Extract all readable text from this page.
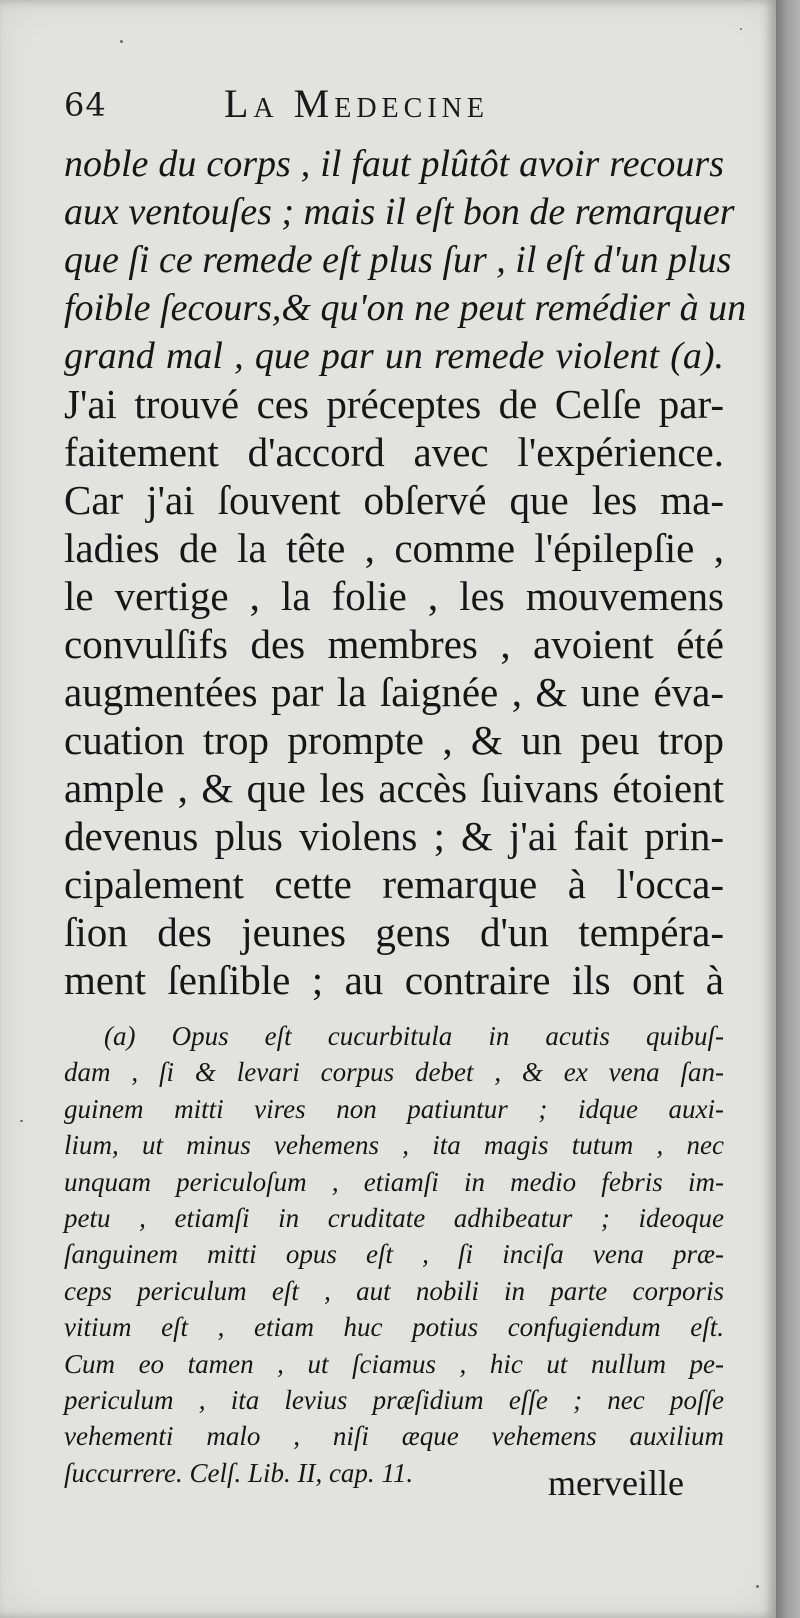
64	La Medecine
noble du corps , il faut plûtôt avoir recours
aux ventouſes ; mais il eſt bon de remarquer
que ſi ce remede eſt plus ſur , il eſt d'un plus
foible ſecours,& qu'on ne peut remédier à un
grand mal , que par un remede violent (a).
J'ai trouvé ces préceptes de Celſe par-
faitement d'accord avec l'expérience.
Car j'ai ſouvent obſervé que les ma-
ladies de la tête , comme l'épilepſie ,
le vertige , la folie , les mouvemens
convulſifs des membres , avoient été
augmentées par la ſaignée , & une éva-
cuation trop prompte , & un peu trop
ample , & que les accès ſuivans étoient
devenus plus violens ; & j'ai fait prin-
cipalement cette remarque à l'occa-
ſion des jeunes gens d'un tempéra-
ment ſenſible ; au contraire ils ont à
(a) Opus eſt cucurbitula in acutis quibuſ-
dam , ſi & levari corpus debet , & ex vena ſan-
guinem mitti vires non patiuntur ; idque auxi-
lium, ut minus vehemens , ita magis tutum , nec
unquam periculoſum , etiamſi in medio febris im-
petu , etiamſi in cruditate adhibeatur ; ideoque
ſanguinem mitti opus eſt , ſi inciſa vena præ-
ceps periculum eſt , aut nobili in parte corporis
vitium eſt , etiam huc potius confugiendum eſt.
Cum eo tamen , ut ſciamus , hic ut nullum pe-
periculum , ita levius præſidium eſſe ; nec poſſe
vehementi malo , niſi æque vehemens auxilium
ſuccurrere. Celſ. Lib. II, cap. 11.	merveille
